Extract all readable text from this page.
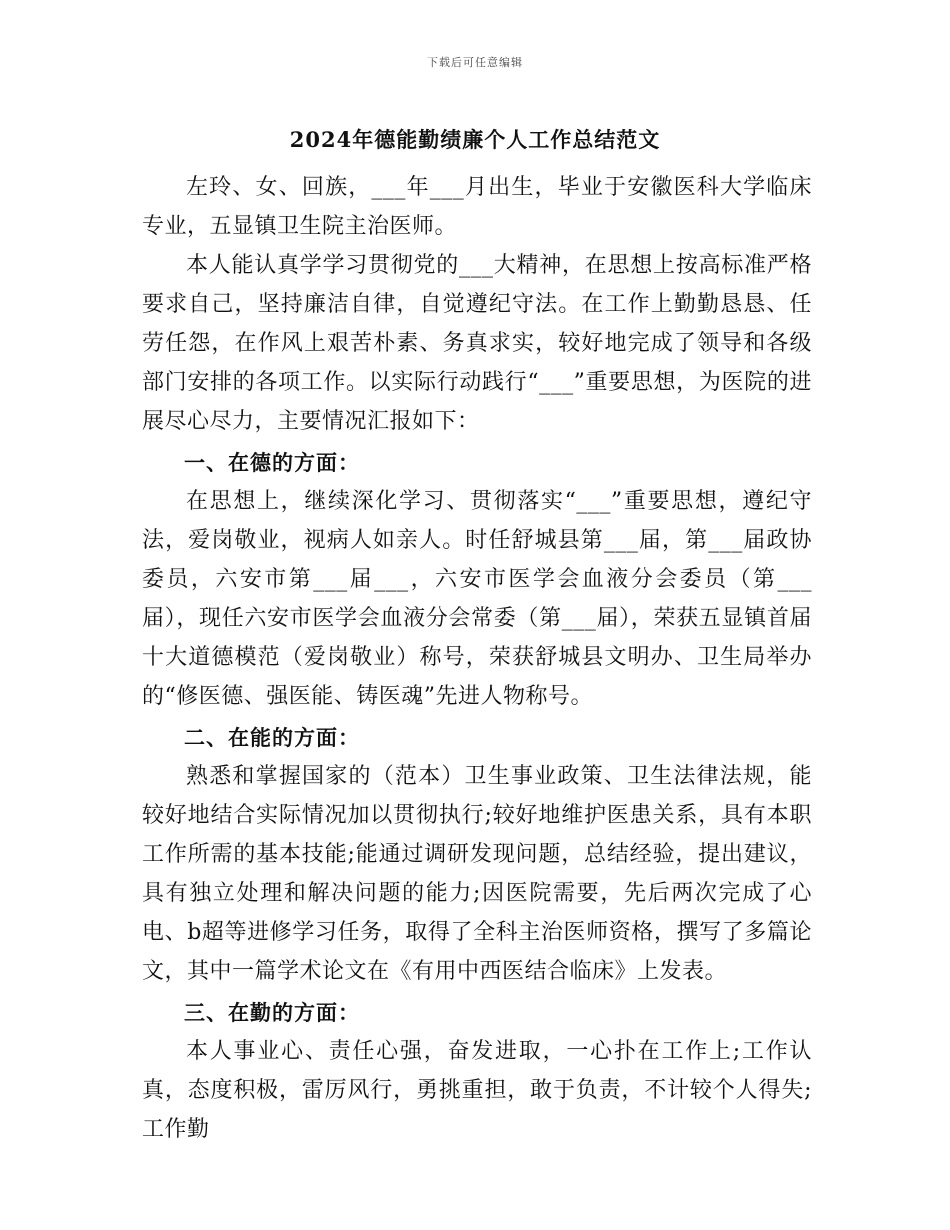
下载后可任意编辑
2024年德能勤绩廉个人工作总结范文

左玲、女、回族，___年___月出生，毕业于安徽医科大学临床专业，五显镇卫生院主治医师。

本人能认真学学习贯彻党的___大精神，在思想上按高标准严格要求自己，坚持廉洁自律，自觉遵纪守法。在工作上勤勤恳恳、任劳任怨，在作风上艰苦朴素、务真求实，较好地完成了领导和各级部门安排的各项工作。以实际行动践行“___”重要思想，为医院的进展尽心尽力，主要情况汇报如下：

一、在德的方面：

在思想上，继续深化学习、贯彻落实“___”重要思想，遵纪守法，爱岗敬业，视病人如亲人。时任舒城县第___届，第___届政协委员，六安市第___届___，六安市医学会血液分会委员（第___届），现任六安市医学会血液分会常委（第___届），荣获五显镇首届十大道德模范（爱岗敬业）称号，荣获舒城县文明办、卫生局举办的“修医德、强医能、铸医魂”先进人物称号。

二、在能的方面：

熟悉和掌握国家的（范本）卫生事业政策、卫生法律法规，能较好地结合实际情况加以贯彻执行;较好地维护医患关系，具有本职工作所需的基本技能;能通过调研发现问题，总结经验，提出建议，具有独立处理和解决问题的能力;因医院需要，先后两次完成了心电、b超等进修学习任务，取得了全科主治医师资格，撰写了多篇论文，其中一篇学术论文在《有用中西医结合临床》上发表。

三、在勤的方面：

本人事业心、责任心强，奋发进取，一心扑在工作上;工作认真，态度积极，雷厉风行，勇挑重担，敢于负责，不计较个人得失;工作勤
